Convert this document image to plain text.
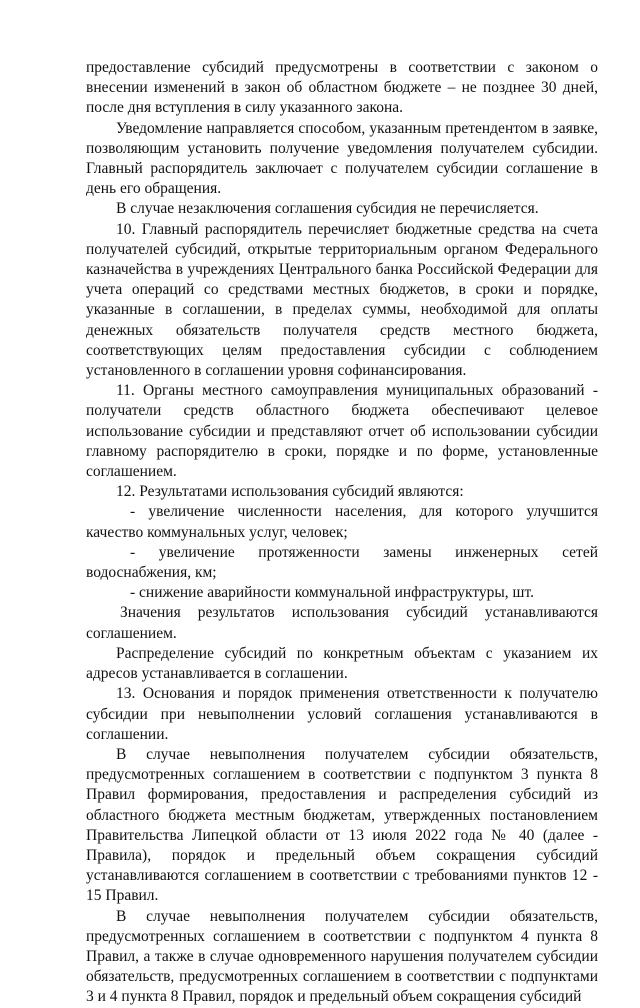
предоставление субсидий предусмотрены в соответствии с законом о внесении изменений в закон об областном бюджете – не позднее 30 дней, после дня вступления в силу указанного закона.

Уведомление направляется способом, указанным претендентом в заявке, позволяющим установить получение уведомления получателем субсидии. Главный распорядитель заключает с получателем субсидии соглашение в день его обращения.

В случае незаключения соглашения субсидия не перечисляется.

10. Главный распорядитель перечисляет бюджетные средства на счета получателей субсидий, открытые территориальным органом Федерального казначейства в учреждениях Центрального банка Российской Федерации для учета операций со средствами местных бюджетов, в сроки и порядке, указанные в соглашении, в пределах суммы, необходимой для оплаты денежных обязательств получателя средств местного бюджета, соответствующих целям предоставления субсидии с соблюдением установленного в соглашении уровня софинансирования.

11. Органы местного самоуправления муниципальных образований - получатели средств областного бюджета обеспечивают целевое использование субсидии и представляют отчет об использовании субсидии главному распорядителю в сроки, порядке и по форме, установленные соглашением.

12. Результатами использования субсидий являются:

- увеличение численности населения, для которого улучшится качество коммунальных услуг, человек;

- увеличение протяженности замены инженерных сетей водоснабжения, км;

- снижение аварийности коммунальной инфраструктуры, шт.

Значения результатов использования субсидий устанавливаются соглашением.

Распределение субсидий по конкретным объектам с указанием их адресов устанавливается в соглашении.

13. Основания и порядок применения ответственности к получателю субсидии при невыполнении условий соглашения устанавливаются в соглашении.

В случае невыполнения получателем субсидии обязательств, предусмотренных соглашением в соответствии с подпунктом 3 пункта 8 Правил формирования, предоставления и распределения субсидий из областного бюджета местным бюджетам, утвержденных постановлением Правительства Липецкой области от 13 июля 2022 года № 40 (далее - Правила), порядок и предельный объем сокращения субсидий устанавливаются соглашением в соответствии с требованиями пунктов 12 - 15 Правил.

В случае невыполнения получателем субсидии обязательств, предусмотренных соглашением в соответствии с подпунктом 4 пункта 8 Правил, а также в случае одновременного нарушения получателем субсидии обязательств, предусмотренных соглашением в соответствии с подпунктами 3 и 4 пункта 8 Правил, порядок и предельный объем сокращения субсидий
